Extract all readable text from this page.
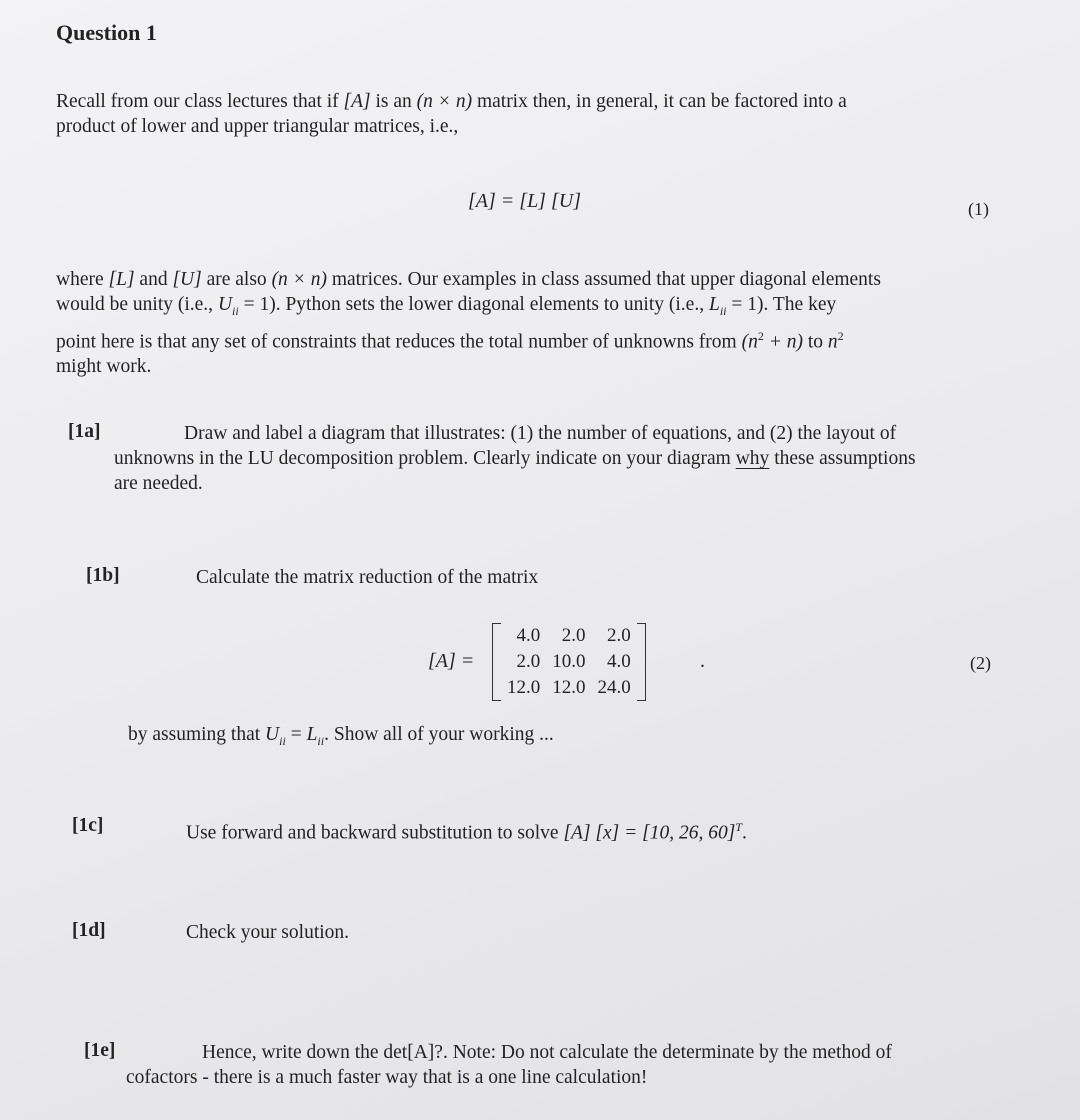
Question 1
Recall from our class lectures that if [A] is an (n × n) matrix then, in general, it can be factored into a
product of lower and upper triangular matrices, i.e.,
[A] = [L] [U]	(1)
where [L] and [U] are also (n × n) matrices. Our examples in class assumed that upper diagonal elements
would be unity (i.e., $U_{ii} = 1$). Python sets the lower diagonal elements to unity (i.e., $L_{ii} = 1$). The key
point here is that any set of constraints that reduces the total number of unknowns from $(n^2 + n)$ to $n^2$
might work.
[1a]	Draw and label a diagram that illustrates: (1) the number of equations, and (2) the layout of
unknowns in the LU decomposition problem. Clearly indicate on your diagram why these assumptions
are needed.
[1b]	Calculate the matrix reduction of the matrix
[A] =
4.0	2.0	2.0
2.0	10.0	4.0
12.0	12.0	24.0
.	(2)
by assuming that $U_{ii} = L_{ii}$. Show all of your working ...
[1c]	Use forward and backward substitution to solve [A] [x] = [10, 26, 60]$^T$.
[1d]	Check your solution.
[1e]	Hence, write down the det[A]?. Note: Do not calculate the determinate by the method of
cofactors - there is a much faster way that is a one line calculation!
